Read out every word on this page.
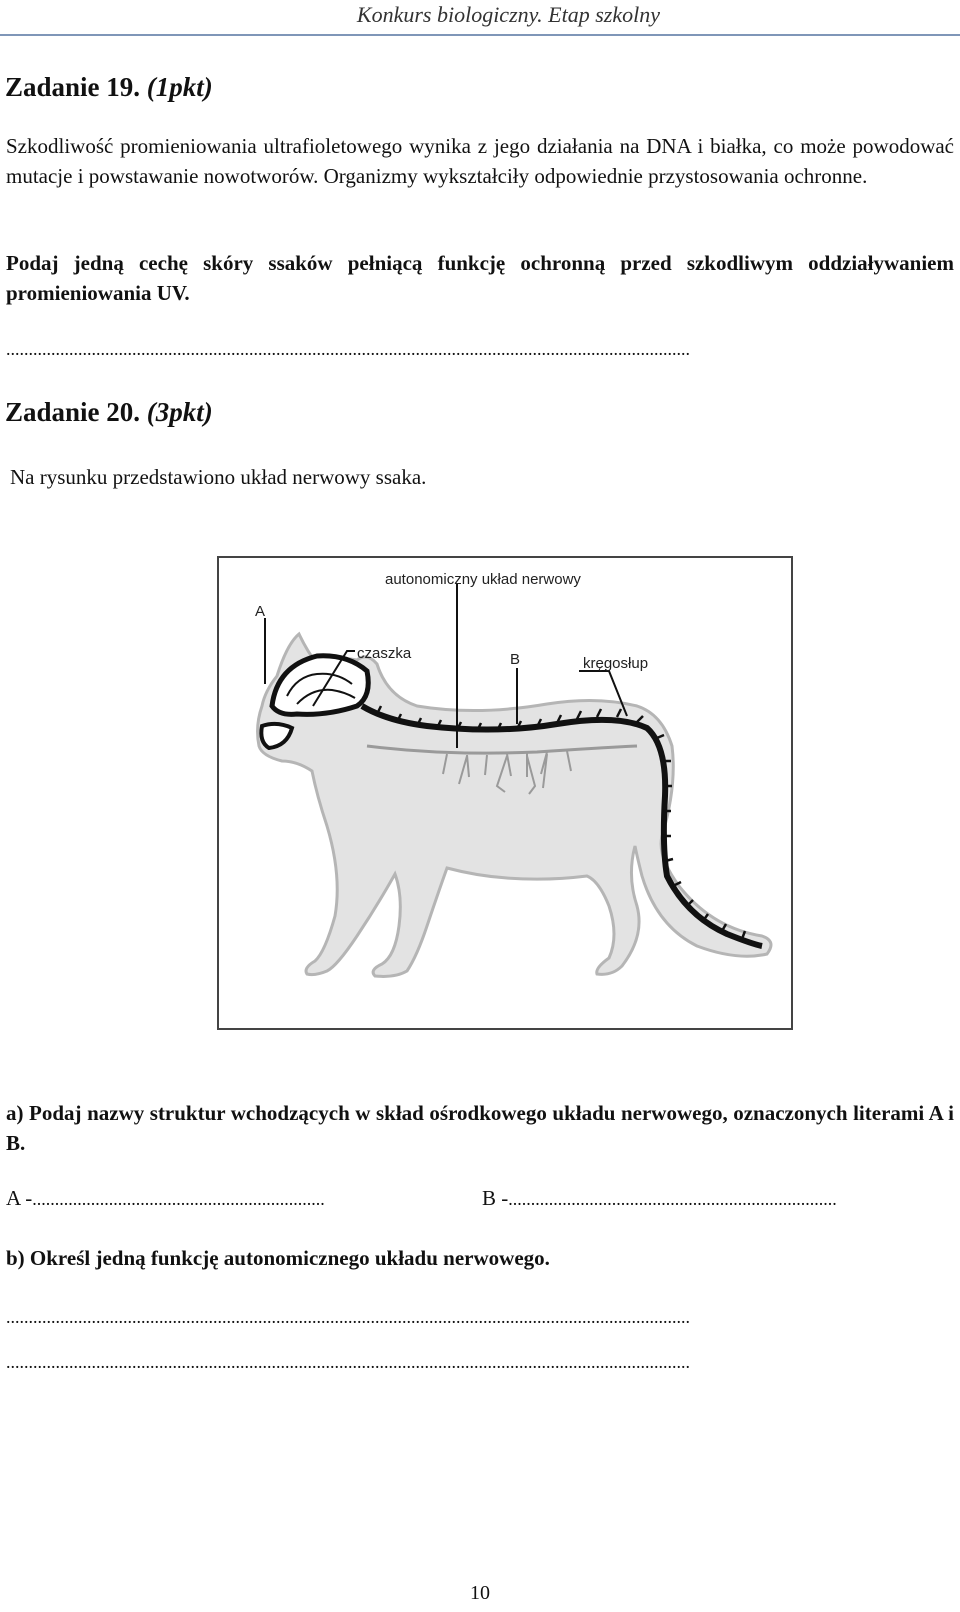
Konkurs biologiczny. Etap szkolny
Zadanie 19. (1pkt)
Szkodliwość promieniowania ultrafioletowego wynika z jego działania na DNA i białka, co może powodować mutacje i powstawanie nowotworów. Organizmy wykształciły odpowiednie przystosowania ochronne.
Podaj jedną cechę skóry ssaków pełniącą funkcję ochronną przed szkodliwym oddziaływaniem promieniowania UV.
........................................................................................................................................................
Zadanie 20. (3pkt)
Na rysunku przedstawiono układ nerwowy ssaka.
autonomiczny układ nerwowy
A
czaszka	B	kręgosłup
a) Podaj nazwy struktur wchodzących w skład ośrodkowego układu nerwowego, oznaczonych literami A i B.
A -.................................................................	B -.........................................................................
b) Określ jedną funkcję autonomicznego układu nerwowego.
........................................................................................................................................................
........................................................................................................................................................
10
